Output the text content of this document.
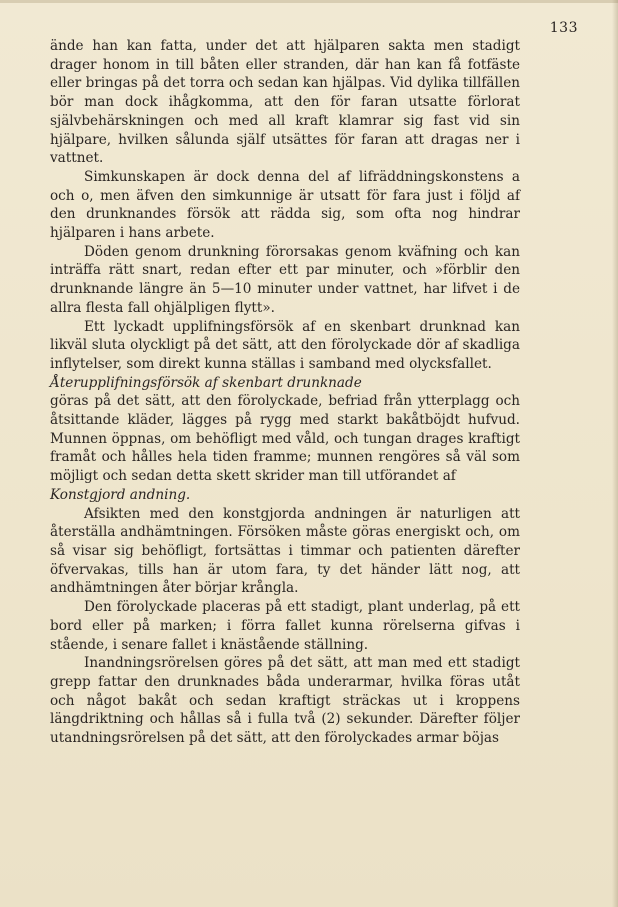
133

ände han kan fatta, under det att hjälparen sakta men stadigt drager honom in till båten eller stranden, där han kan få fotfäste eller bringas på det torra och sedan kan hjälpas. Vid dylika tillfällen bör man dock ihågkomma, att den för faran utsatte förlorat självbehärskningen och med all kraft klamrar sig fast vid sin hjälpare, hvilken sålunda själf utsättes för faran att dragas ner i vattnet.

Simkunskapen är dock denna del af lifräddningskonstens a och o, men äfven den simkunnige är utsatt för fara just i följd af den drunknandes försök att rädda sig, som ofta nog hindrar hjälparen i hans arbete.

Döden genom drunkning förorsakas genom kväfning och kan inträffa rätt snart, redan efter ett par minuter, och »förblir den drunknande längre än 5—10 minuter under vattnet, har lifvet i de allra flesta fall ohjälpligen flytt».

Ett lyckadt upplifningsförsök af en skenbart drunknad kan likväl sluta olyckligt på det sätt, att den förolyckade dör af skadliga inflytelser, som direkt kunna ställas i samband med olycksfallet.

Återupplifningsförsök af skenbart drunknade

göras på det sätt, att den förolyckade, befriad från ytterplagg och åtsittande kläder, lägges på rygg med starkt bakåtböjdt hufvud. Munnen öppnas, om behöfligt med våld, och tungan drages kraftigt framåt och hålles hela tiden framme; munnen rengöres så väl som möjligt och sedan detta skett skrider man till utförandet af

Konstgjord andning.

Afsikten med den konstgjorda andningen är naturligen att återställa andhämtningen. Försöken måste göras energiskt och, om så visar sig behöfligt, fortsättas i timmar och patienten därefter öfvervakas, tills han är utom fara, ty det händer lätt nog, att andhämtningen åter börjar krångla.

Den förolyckade placeras på ett stadigt, plant underlag, på ett bord eller på marken; i förra fallet kunna rörelserna gifvas i stående, i senare fallet i knästående ställning.

Inandningsrörelsen göres på det sätt, att man med ett stadigt grepp fattar den drunknades båda underarmar, hvilka föras utåt och något bakåt och sedan kraftigt sträckas ut i kroppens längdriktning och hållas så i fulla två (2) sekunder. Därefter följer utandningsrörelsen på det sätt, att den förolyckades armar böjas
